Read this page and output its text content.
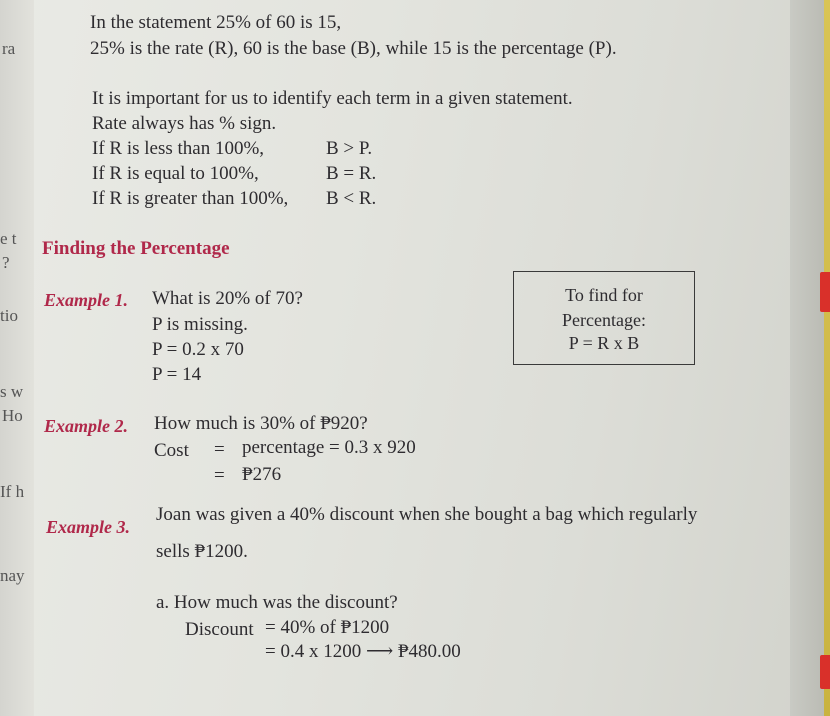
ra
e t
?
tio
s w
Ho
If h
nay
In the statement 25% of 60 is 15,
25% is the rate (R), 60 is the base (B), while 15 is the percentage (P).
It is important for us to identify each term in a given statement.
Rate always has % sign.
If R is less than 100%,	B > P.
If R is equal to 100%,	B = R.
If R is greater than 100%, B < R.
Finding the Percentage
Example 1. What is 20% of 70?
P is missing.
P = 0.2 x 70
P = 14
To find for
Percentage:
P = R x B
Example 2. How much is 30% of ₱920?
Cost = percentage = 0.3 x 920
= ₱276
Example 3.
Joan was given a 40% discount when she bought a bag which regularly
sells ₱1200.
a. How much was the discount?
Discount = 40% of ₱1200
= 0.4 x 1200 ⟶ ₱480.00
